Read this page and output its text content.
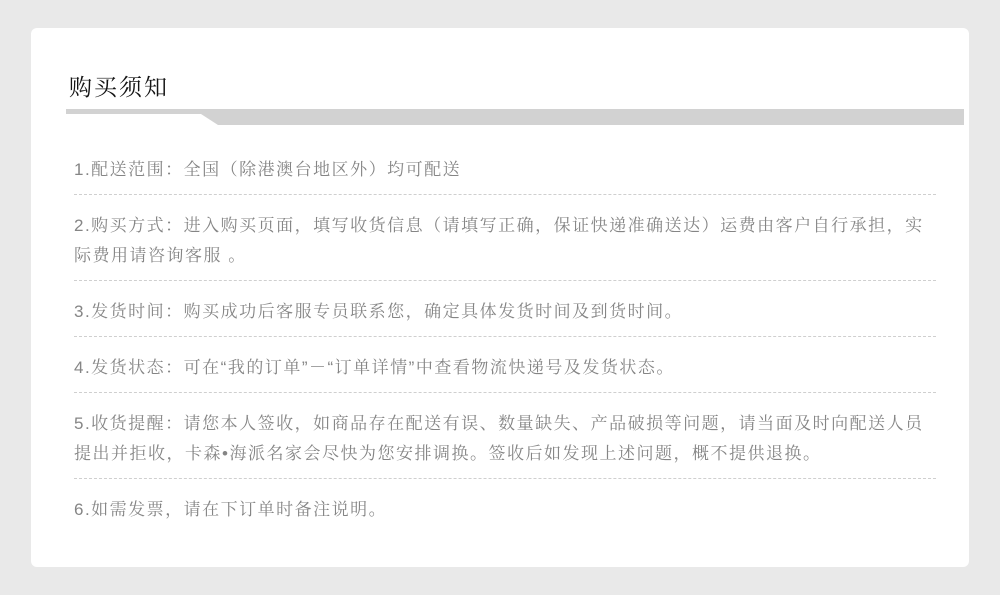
购买须知
1.配送范围：全国（除港澳台地区外）均可配送
2.购买方式：进入购买页面，填写收货信息（请填写正确，保证快递准确送达）运费由客户自行承担，实际费用请咨询客服 。
3.发货时间：购买成功后客服专员联系您，确定具体发货时间及到货时间。
4.发货状态：可在“我的订单”－“订单详情”中查看物流快递号及发货状态。
5.收货提醒：请您本人签收，如商品存在配送有误、数量缺失、产品破损等问题，请当面及时向配送人员提出并拒收，卡森•海派名家会尽快为您安排调换。签收后如发现上述问题，概不提供退换。
6.如需发票，请在下订单时备注说明。
